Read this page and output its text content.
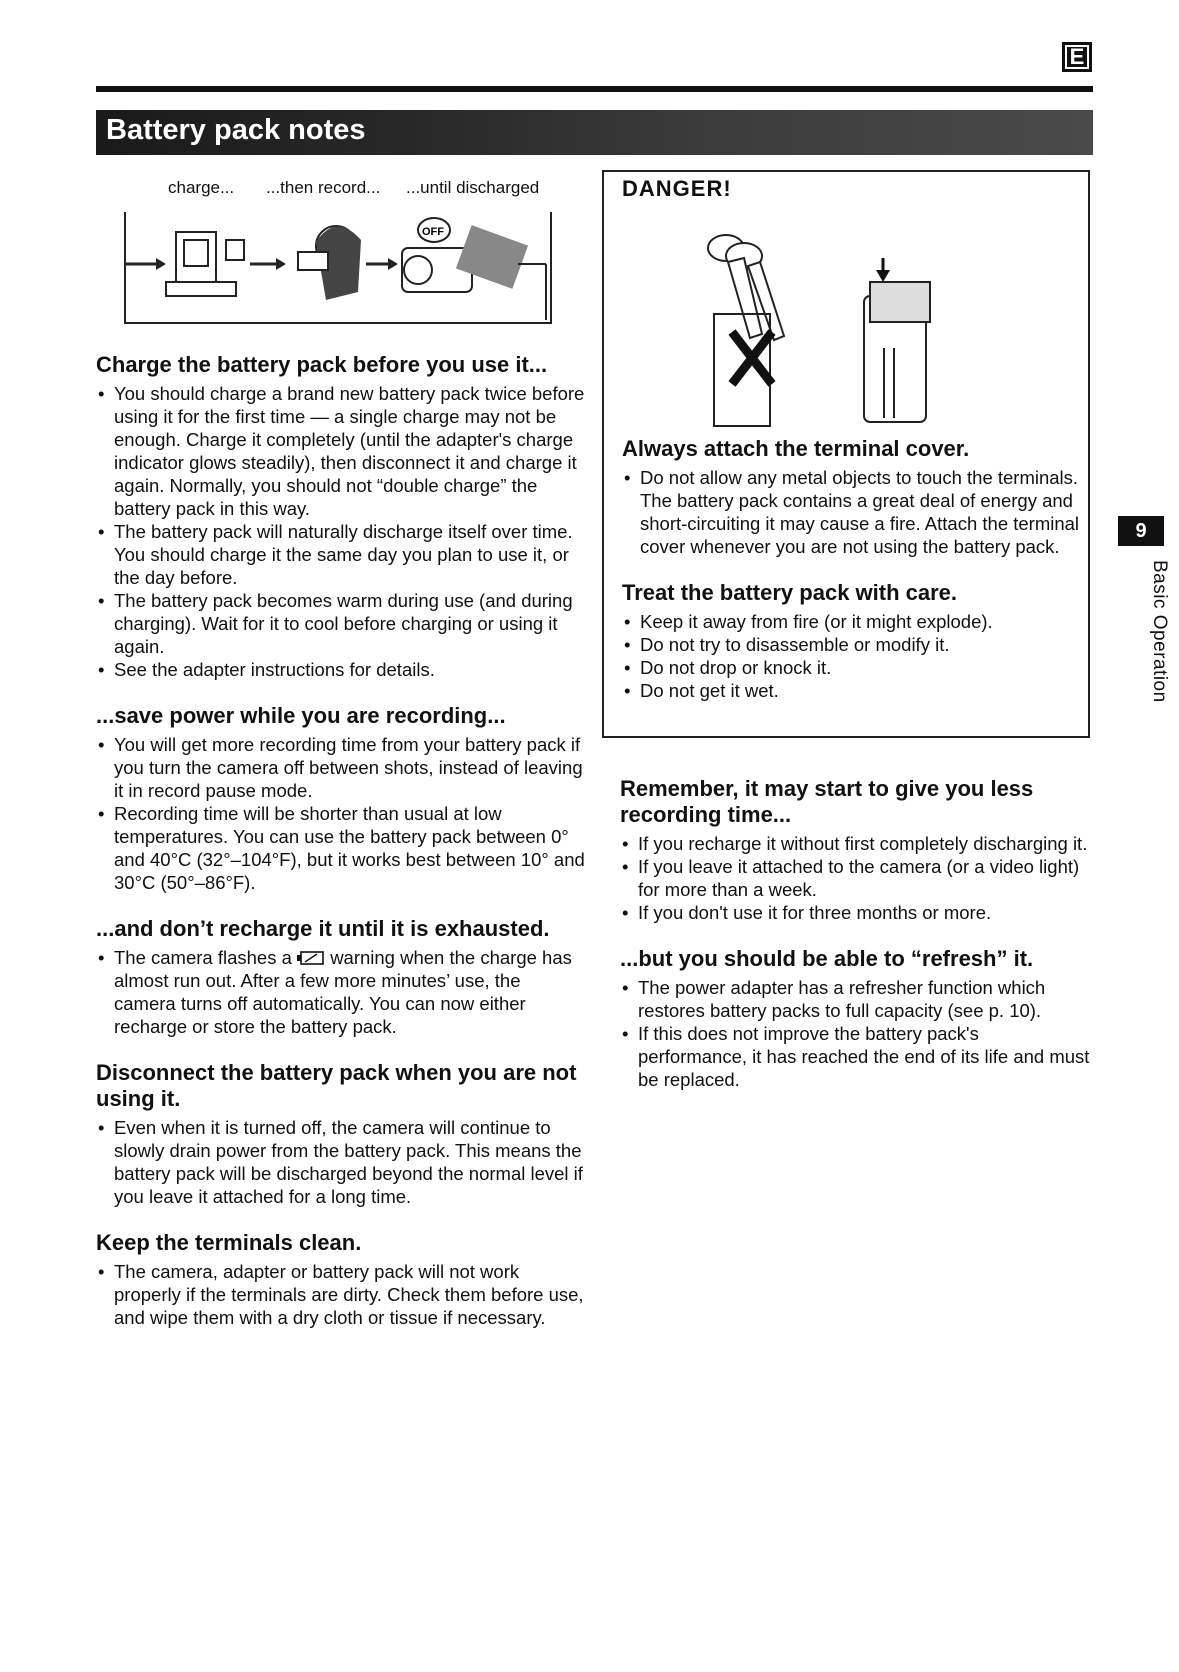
E
Battery pack notes
charge... ...then record... ...until discharged
OFF
Charge the battery pack before you use it...
• You should charge a brand new battery pack twice before using it for the first time — a single charge may not be enough. Charge it completely (until the adapter's charge indicator glows steadily), then disconnect it and charge it again. Normally, you should not “double charge” the battery pack in this way.
• The battery pack will naturally discharge itself over time. You should charge it the same day you plan to use it, or the day before.
• The battery pack becomes warm during use (and during charging). Wait for it to cool before charging or using it again.
• See the adapter instructions for details.
...save power while you are recording...
• You will get more recording time from your battery pack if you turn the camera off between shots, instead of leaving it in record pause mode.
• Recording time will be shorter than usual at low temperatures. You can use the battery pack between 0° and 40°C (32°–104°F), but it works best between 10° and 30°C (50°–86°F).
...and don’t recharge it until it is exhausted.
• The camera flashes a warning when the charge has almost run out. After a few more minutes’ use, the camera turns off automatically. You can now either recharge or store the battery pack.
Disconnect the battery pack when you are not using it.
• Even when it is turned off, the camera will continue to slowly drain power from the battery pack. This means the battery pack will be discharged beyond the normal level if you leave it attached for a long time.
Keep the terminals clean.
• The camera, adapter or battery pack will not work properly if the terminals are dirty. Check them before use, and wipe them with a dry cloth or tissue if necessary.
DANGER!
Always attach the terminal cover.
• Do not allow any metal objects to touch the terminals. The battery pack contains a great deal of energy and short-circuiting it may cause a fire. Attach the terminal cover whenever you are not using the battery pack.
Treat the battery pack with care.
• Keep it away from fire (or it might explode).
• Do not try to disassemble or modify it.
• Do not drop or knock it.
• Do not get it wet.
Remember, it may start to give you less recording time...
• If you recharge it without first completely discharging it.
• If you leave it attached to the camera (or a video light) for more than a week.
• If you don't use it for three months or more.
...but you should be able to “refresh” it.
• The power adapter has a refresher function which restores battery packs to full capacity (see p. 10).
• If this does not improve the battery pack's performance, it has reached the end of its life and must be replaced.
9
Basic Operation
